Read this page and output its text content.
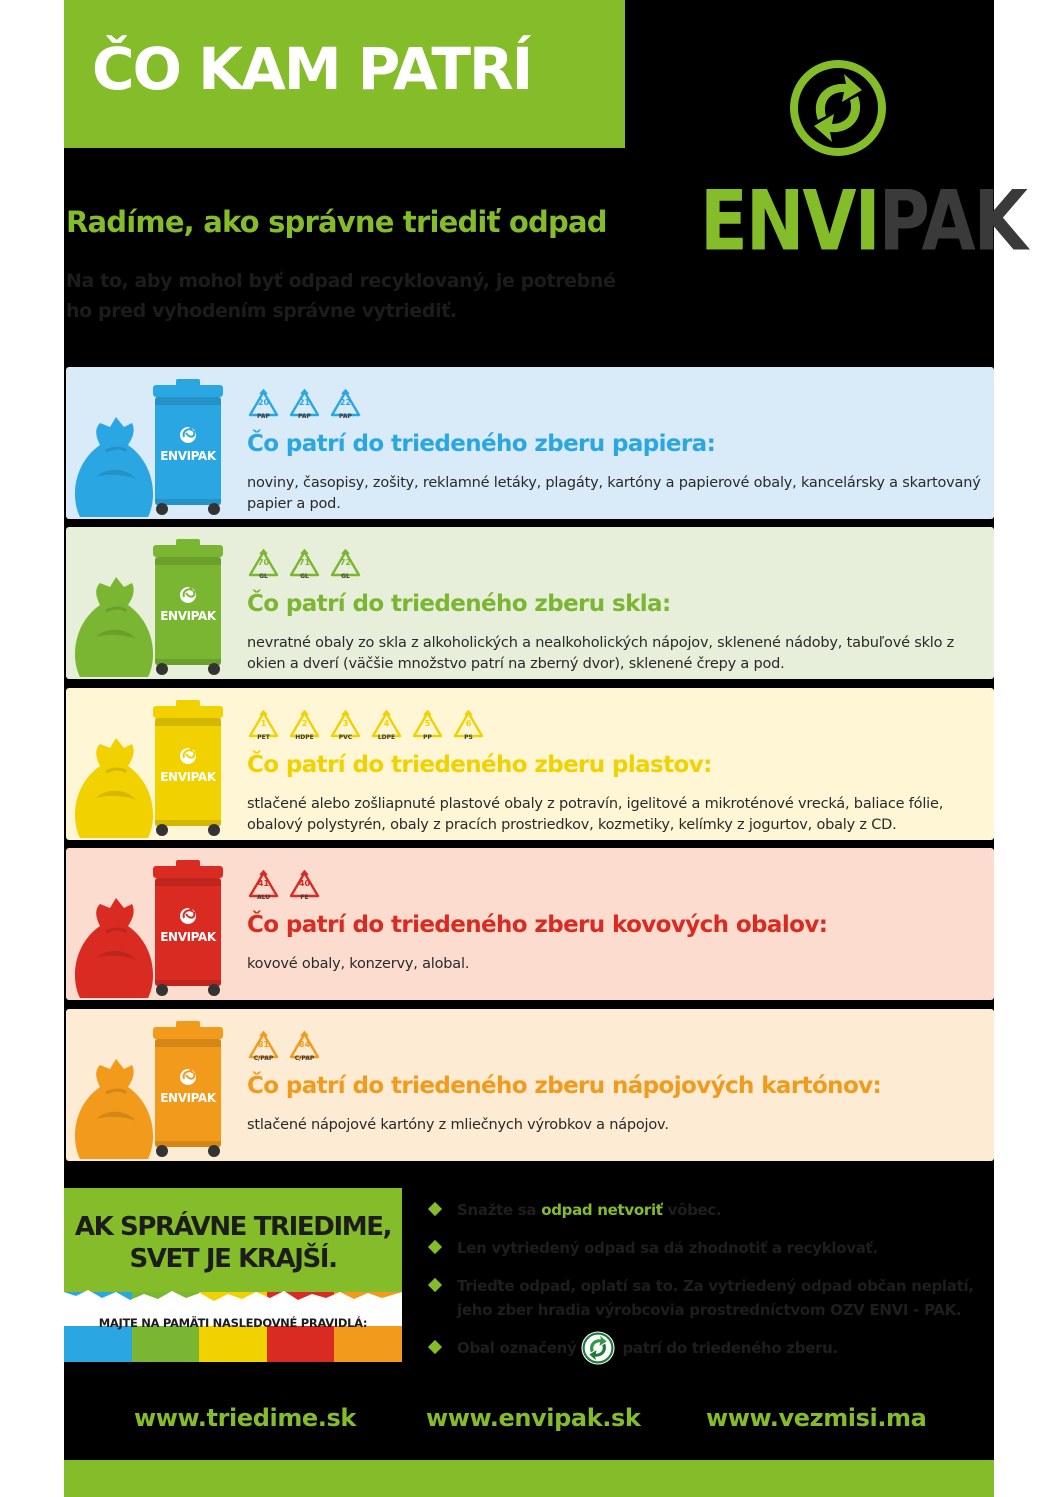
ČO KAM PATRÍ
Radíme, ako správne triediť odpad
Na to, aby mohol byť odpad recyklovaný, je potrebné ho pred vyhodením správne vytriediť.
ENVIPAK
ENVIPAK
20
PAP
21
PAP
22
PAP
Čo patrí do triedeného zberu papiera:

noviny, časopisy, zošity, reklamné letáky, plagáty, kartóny a papierové obaly, kancelársky a skartovaný papier a pod.

ENVIPAK
70
GL
71
GL
72
GL
Čo patrí do triedeného zberu skla:

nevratné obaly zo skla z alkoholických a nealkoholických nápojov, sklenené nádoby, tabuľové sklo z okien a dverí (väčšie množstvo patrí na zberný dvor), sklenené črepy a pod.

ENVIPAK
1
PET
2
HDPE
3
PVC
4
LDPE
5
PP
6
PS
Čo patrí do triedeného zberu plastov:

stlačené alebo zošliapnuté plastové obaly z potravín, igelitové a mikroténové vrecká, baliace fólie, obalový polystyrén, obaly z pracích prostriedkov, kozmetiky, kelímky z jogurtov, obaly z CD.

ENVIPAK
41
ALU
40
FE
Čo patrí do triedeného zberu kovových obalov:

kovové obaly, konzervy, alobal.

ENVIPAK
81
C/PAP
84
C/PAP
Čo patrí do triedeného zberu nápojových kartónov:

stlačené nápojové kartóny z mliečnych výrobkov a nápojov.

AK SPRÁVNE TRIEDIME,
SVET JE KRAJŠÍ.
MAJTE NA PAMÄTI NASLEDOVNÉ PRAVIDLÁ:
Snažte sa odpad netvoriť vôbec.
Len vytriedený odpad sa dá zhodnotiť a recyklovať.
Trieďte odpad, oplatí sa to. Za vytriedený odpad občan neplatí, jeho zber hradia výrobcovia prostredníctvom OZV ENVI - PAK.
Obal označený	patrí do triedeného zberu.
www.triedime.sk	www.envipak.sk	www.vezmisi.ma
